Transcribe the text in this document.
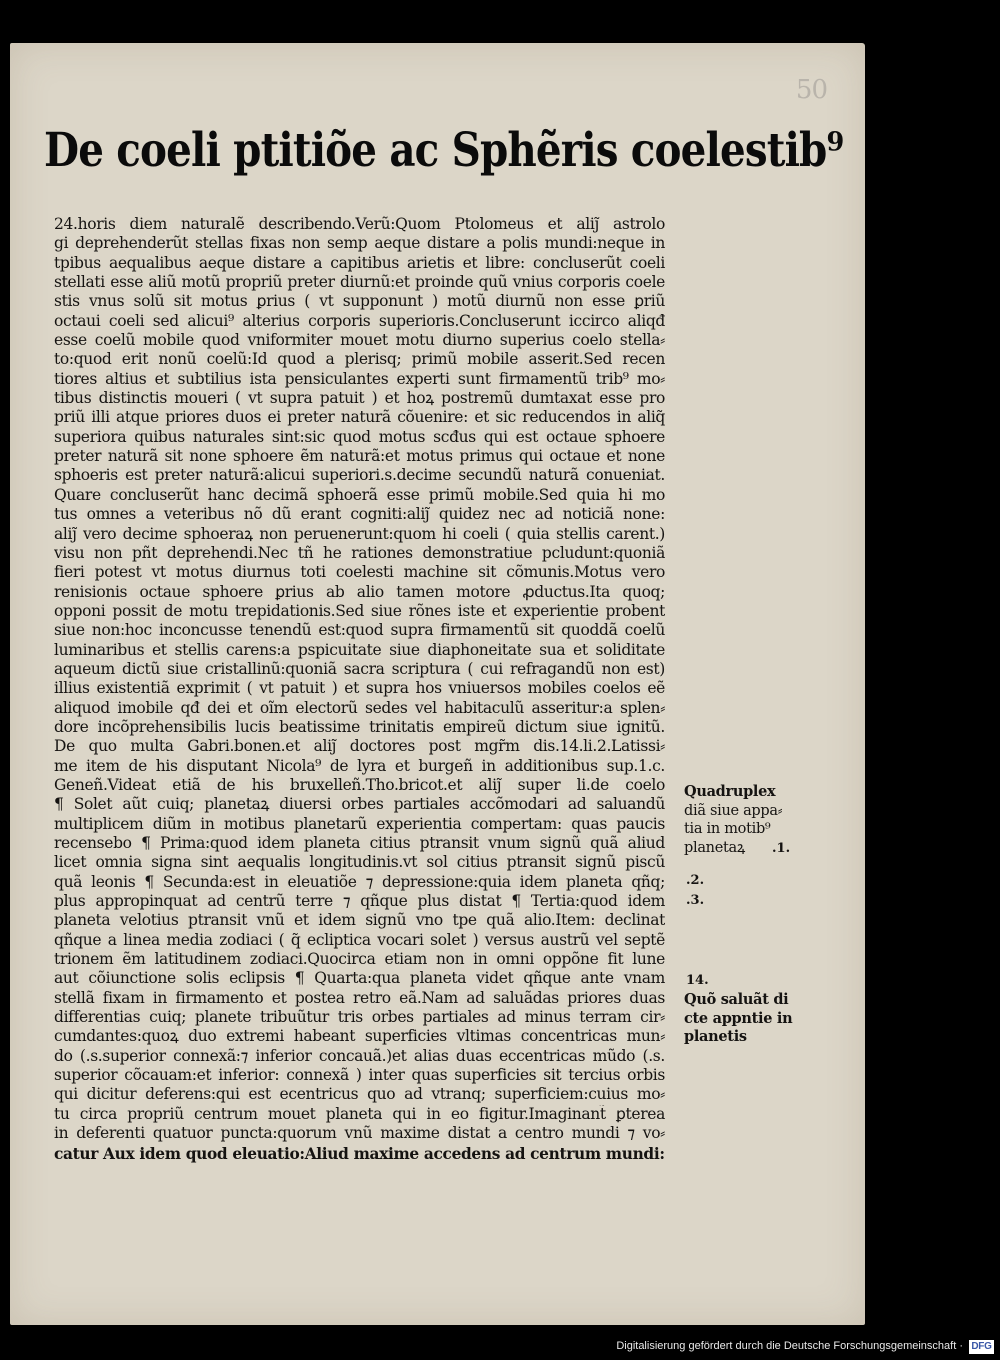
50
De coeli ptitiõe ac Sphẽris coelestib⁹
24.horis diem naturalẽ describendo.Verũ:Quom Ptolomeus et aliȷ̃ astrolo
gi deprehenderũt stellas fixas non semp aeque distare a polis mundi:neque in
tpibus aequalibus aeque distare a capitibus arietis et libre: concluserũt coeli
stellati esse aliũ motũ propriũ preter diurnũ:et proinde quũ vnius corporis coele
stis vnus solũ sit motus ꝑrius ( vt supponunt ) motũ diurnũ non esse ꝑriũ
octaui coeli sed alicui⁹ alterius corporis superioris.Concluserunt iccirco aliqđ
esse coelũ mobile quod vniformiter mouet motu diurno superius coelo stella⸗
to:quod erit nonũ coelũ:Id quod a plerisq; primũ mobile asserit.Sed recen
tiores altius et subtilius ista pensiculantes experti sunt firmamentũ trib⁹ mo⸗
tibus distinctis moueri ( vt supra patuit ) et hoꝝ postremũ dumtaxat esse pro
priũ illi atque priores duos ei preter naturã cõuenire: et sic reducendos in aliq̃
superiora quibus naturales sint:sic quod motus scđus qui est octaue sphoere
preter naturã sit none sphoere ẽm naturã:et motus primus qui octaue et none
sphoeris est preter naturã:alicui superiori.s.decime secundũ naturã conueniat.
Quare concluserũt hanc decimã sphoerã esse primũ mobile.Sed quia hi mo
tus omnes a veteribus nõ dũ erant cogniti:aliȷ̃ quidez nec ad noticiã none:
aliȷ̃ vero decime sphoeraꝝ non peruenerunt:quom hi coeli ( quia stellis carent.)
visu non pñt deprehendi.Nec tñ he rationes demonstratiue pcludunt:quoniã
fieri potest vt motus diurnus toti coelesti machine sit cõmunis.Motus vero
renisionis octaue sphoere ꝑrius ab alio tamen motore ꝓductus.Ita quoq;
opponi possit de motu trepidationis.Sed siue rõnes iste et experientie probent
siue non:hoc inconcusse tenendũ est:quod supra firmamentũ sit quoddã coelũ
luminaribus et stellis carens:a pspicuitate siue diaphoneitate sua et soliditate
aqueum dictũ siue cristallinũ:quoniã sacra scriptura ( cui refragandũ non est)
illius existentiã exprimit ( vt patuit ) et supra hos vniuersos mobiles coelos eẽ
aliquod imobile qđ dei et oĩm electorũ sedes vel habitaculũ asseritur:a splen⸗
dore incõprehensibilis lucis beatissime trinitatis empireũ dictum siue ignitũ.
De quo multa Gabri.bonen.et aliȷ̃ doctores post mgr̃m dis.14.li.2.Latissi⸗
me item de his disputant Nicola⁹ de lyra et burgeñ in additionibus sup.1.c.
Geneñ.Videat etiã de his bruxelleñ.Tho.bricot.et aliȷ̃ super li.de coelo
¶ Solet aũt cuiq; planetaꝝ diuersi orbes partiales accõmodari ad saluandũ
multiplicem diũm in motibus planetarũ experientia compertam: quas paucis
recensebo ¶ Prima:quod idem planeta citius ptransit vnum signũ quã aliud
licet omnia signa sint aequalis longitudinis.vt sol citius ptransit signũ piscũ
quã leonis ¶ Secunda:est in eleuatiõe ⁊ depressione:quia idem planeta qñq;
plus appropinquat ad centrũ terre ⁊ qñque plus distat ¶ Tertia:quod idem
planeta velotius ptransit vnũ et idem signũ vno tpe quã alio.Item: declinat
qñque a linea media zodiaci ( q̃ ecliptica vocari solet ) versus austrũ vel septẽ
trionem ẽm latitudinem zodiaci.Quocirca etiam non in omni oppõne fit lune
aut cõiunctione solis eclipsis ¶ Quarta:qua planeta videt qñque ante vnam
stellã fixam in firmamento et postea retro eã.Nam ad saluãdas priores duas
differentias cuiq; planete tribuũtur tris orbes partiales ad minus terram cir⸗
cumdantes:quoꝝ duo extremi habeant superficies vltimas concentricas mun⸗
do (.s.superior connexã:⁊ inferior concauã.)et alias duas eccentricas mũdo (.s.
superior cõcauam:et inferior: connexã ) inter quas superficies sit tercius orbis
qui dicitur deferens:qui est ecentricus quo ad vtranq; superficiem:cuius mo⸗
tu circa propriũ centrum mouet planeta qui in eo figitur.Imaginant̃ ꝑterea
in deferenti quatuor puncta:quorum vnũ maxime distat a centro mundi ⁊ vo⸗
catur Aux idem quod eleuatio:Aliud maxime accedens ad centrum mundi:
Quadruplex
diã siue appa⸗
tia in motib⁹
planetaꝝ	.1.
.2.
.3.
14.
Quõ saluãt di
cte appntie in
planetis
Digitalisierung gefördert durch die Deutsche Forschungsgemeinschaft · DFG
